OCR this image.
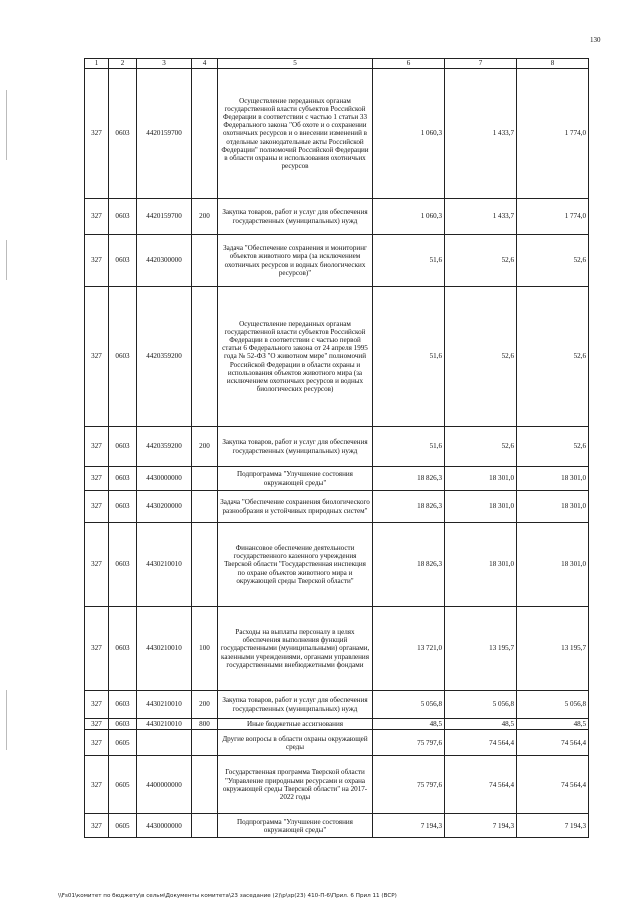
130
1	2	3	4	5	6	7	8
327	0603	4420159700		Осуществление переданных органам государственной власти субъектов Российской Федерации в соответствии с частью 1 статьи 33 Федерального закона "Об охоте и о сохранении охотничьих ресурсов и о внесении изменений в отдельные законодательные акты Российской Федерации" полномочий Российской Федерации в области охраны и использования охотничьих ресурсов	1 060,3	1 433,7	1 774,0
327	0603	4420159700	200	Закупка товаров, работ и услуг для обеспечения государственных (муниципальных) нужд	1 060,3	1 433,7	1 774,0
327	0603	4420300000		Задача "Обеспечение сохранения и мониторинг объектов животного мира (за исключением охотничьих ресурсов и водных биологических ресурсов)"	51,6	52,6	52,6
327	0603	4420359200		Осуществление переданных органам государственной власти субъектов Российской Федерации в соответствии с частью первой статьи 6 Федерального закона от 24 апреля 1995 года № 52-ФЗ "О животном мире" полномочий Российской Федерации в области охраны и использования объектов животного мира (за исключением охотничьих ресурсов и водных биологических ресурсов)	51,6	52,6	52,6
327	0603	4420359200	200	Закупка товаров, работ и услуг для обеспечения государственных (муниципальных) нужд	51,6	52,6	52,6
327	0603	4430000000		Подпрограмма "Улучшение состояния окружающей среды"	18 826,3	18 301,0	18 301,0
327	0603	4430200000		Задача "Обеспечение сохранения биологического разнообразия и устойчивых природных систем"	18 826,3	18 301,0	18 301,0
327	0603	4430210010		Финансовое обеспечение деятельности государственного казенного учреждения Тверской области "Государственная инспекция по охране объектов животного мира и окружающей среды Тверской области"	18 826,3	18 301,0	18 301,0
327	0603	4430210010	100	Расходы на выплаты персоналу в целях обеспечения выполнения функций государственными (муниципальными) органами, казенными учреждениями, органами управления государственными внебюджетными фондами	13 721,0	13 195,7	13 195,7
327	0603	4430210010	200	Закупка товаров, работ и услуг для обеспечения государственных (муниципальных) нужд	5 056,8	5 056,8	5 056,8
327	0603	4430210010	800	Иные бюджетные ассигнования	48,5	48,5	48,5
327	0605			Другие вопросы в области охраны окружающей среды	75 797,6	74 564,4	74 564,4
327	0605	4400000000		Государственная программа Тверской области "Управление природными ресурсами и охрана окружающей среды Тверской области" на 2017-2022 годы	75 797,6	74 564,4	74 564,4
327	0605	4430000000		Подпрограмма "Улучшение состояния окружающей среды"	7 194,3	7 194,3	7 194,3
\\Fs01\комитет по бюджету\в сельм\Документы комитета\23 заседание (2)\р\зр(23) 410-П-6\Прил. 6 Прил 11 (ВСР)
